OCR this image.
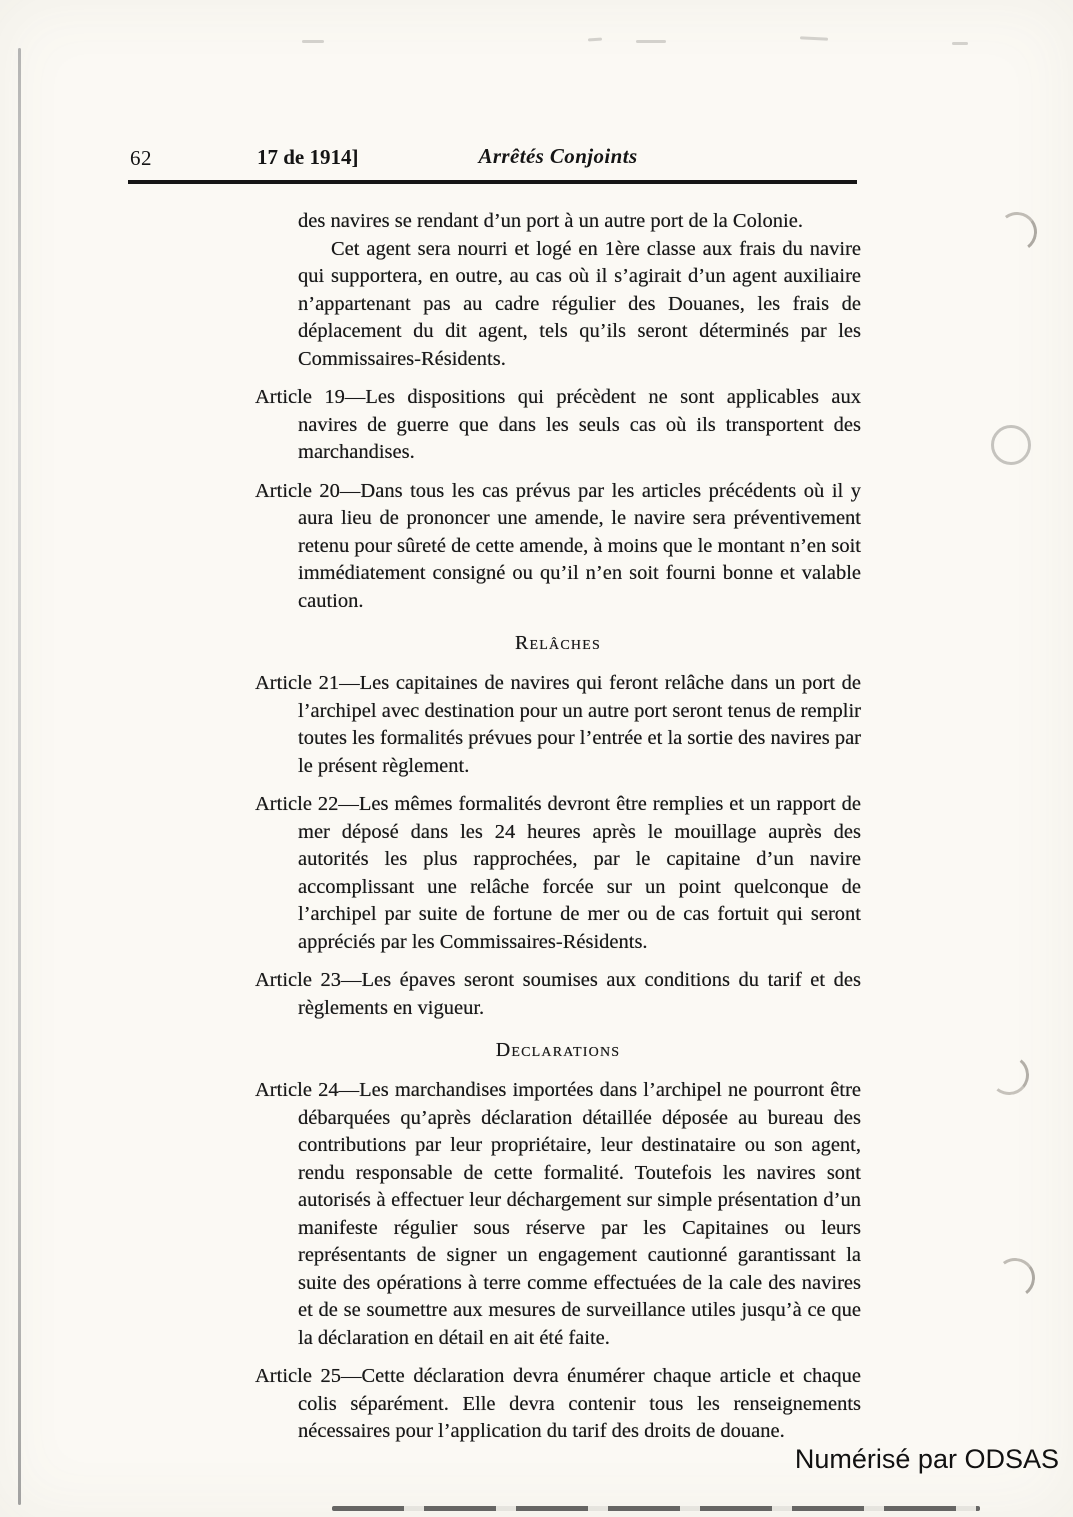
62	17 de 1914]	Arrêtés Conjoints

des navires se rendant d’un port à un autre port de la Colonie.

Cet agent sera nourri et logé en 1ère classe aux frais du navire qui supportera, en outre, au cas où il s’agirait d’un agent auxiliaire n’appartenant pas au cadre régulier des Douanes, les frais de déplacement du dit agent, tels qu’ils seront déterminés par les Commissaires-Résidents.

Article 19—Les dispositions qui précèdent ne sont applicables aux navires de guerre que dans les seuls cas où ils transportent des marchandises.

Article 20—Dans tous les cas prévus par les articles précédents où il y aura lieu de prononcer une amende, le navire sera préventivement retenu pour sûreté de cette amende, à moins que le montant n’en soit immédiatement consigné ou qu’il n’en soit fourni bonne et valable caution.

Relâches

Article 21—Les capitaines de navires qui feront relâche dans un port de l’archipel avec destination pour un autre port seront tenus de remplir toutes les formalités prévues pour l’entrée et la sortie des navires par le présent règlement.

Article 22—Les mêmes formalités devront être remplies et un rapport de mer déposé dans les 24 heures après le mouillage auprès des autorités les plus rapprochées, par le capitaine d’un navire accomplissant une relâche forcée sur un point quelconque de l’archipel par suite de fortune de mer ou de cas fortuit qui seront appréciés par les Commissaires-Résidents.

Article 23—Les épaves seront soumises aux conditions du tarif et des règlements en vigueur.

Declarations

Article 24—Les marchandises importées dans l’archipel ne pourront être débarquées qu’après déclaration détaillée déposée au bureau des contributions par leur propriétaire, leur destinataire ou son agent, rendu responsable de cette formalité. Toutefois les navires sont autorisés à effectuer leur déchargement sur simple présentation d’un manifeste régulier sous réserve par les Capitaines ou leurs représentants de signer un engagement cautionné garantissant la suite des opérations à terre comme effectuées de la cale des navires et de se soumettre aux mesures de surveillance utiles jusqu’à ce que la déclaration en détail en ait été faite.

Article 25—Cette déclaration devra énumérer chaque article et chaque colis séparément. Elle devra contenir tous les renseignements nécessaires pour l’application du tarif des droits de douane.

Numérisé par ODSAS
